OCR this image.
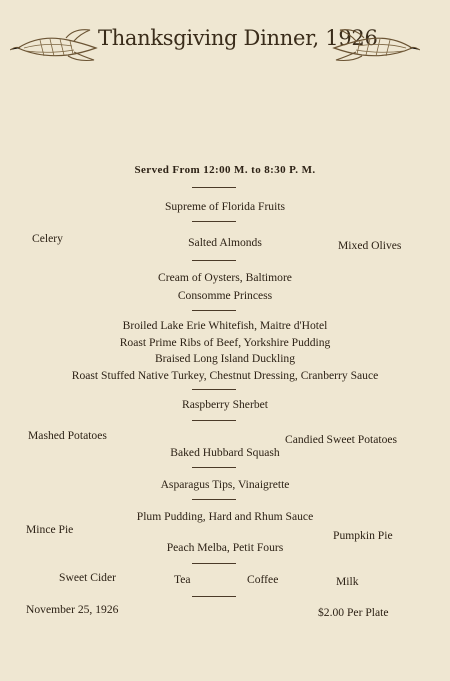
Thanksgiving Dinner, 1926
Served From 12:00 M. to 8:30 P. M.
Supreme of Florida Fruits
Celery	Salted Almonds	Mixed Olives
Cream of Oysters, Baltimore
Consomme Princess
Broiled Lake Erie Whitefish, Maitre d'Hotel
Roast Prime Ribs of Beef, Yorkshire Pudding
Braised Long Island Duckling
Roast Stuffed Native Turkey, Chestnut Dressing, Cranberry Sauce
Raspberry Sherbet
Mashed Potatoes	Candied Sweet Potatoes
Baked Hubbard Squash
Asparagus Tips, Vinaigrette
Plum Pudding, Hard and Rhum Sauce
Mince Pie	Pumpkin Pie
Peach Melba, Petit Fours
Sweet Cider	Tea	Coffee	Milk
November 25, 1926	$2.00 Per Plate
